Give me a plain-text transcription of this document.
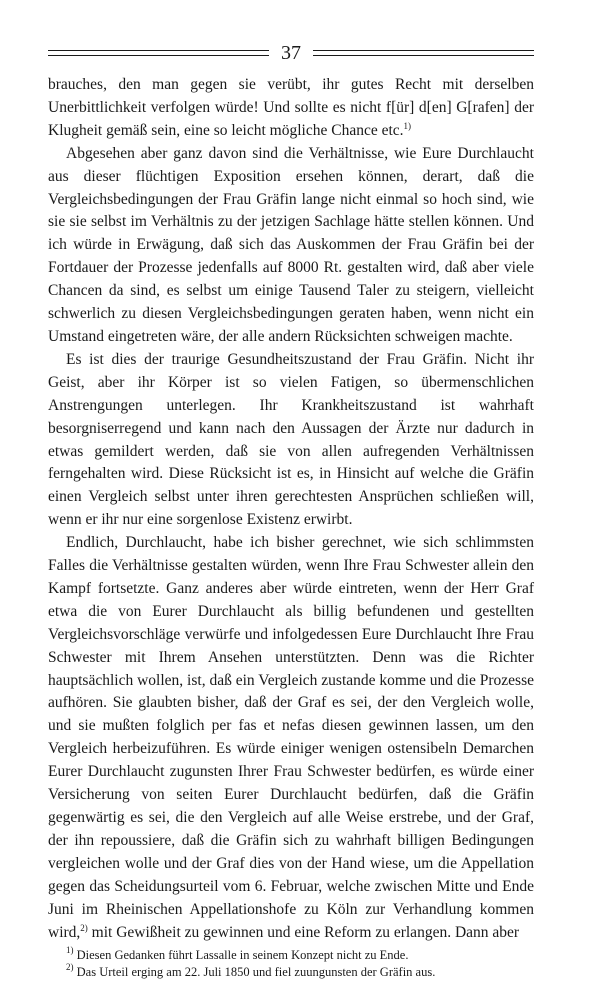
37

brauches, den man gegen sie verübt, ihr gutes Recht mit derselben Unerbittlichkeit verfolgen würde! Und sollte es nicht f[ür] d[en] G[rafen] der Klugheit gemäß sein, eine so leicht mögliche Chance etc.$^{1)}$

Abgesehen aber ganz davon sind die Verhältnisse, wie Eure Durchlaucht aus dieser flüchtigen Exposition ersehen können, derart, daß die Vergleichsbedingungen der Frau Gräfin lange nicht einmal so hoch sind, wie sie sie selbst im Verhältnis zu der jetzigen Sachlage hätte stellen können. Und ich würde in Erwägung, daß sich das Auskommen der Frau Gräfin bei der Fortdauer der Prozesse jedenfalls auf 8000 Rt. gestalten wird, daß aber viele Chancen da sind, es selbst um einige Tausend Taler zu steigern, vielleicht schwerlich zu diesen Vergleichsbedingungen geraten haben, wenn nicht ein Umstand eingetreten wäre, der alle andern Rücksichten schweigen machte.

Es ist dies der traurige Gesundheitszustand der Frau Gräfin. Nicht ihr Geist, aber ihr Körper ist so vielen Fatigen, so übermenschlichen Anstrengungen unterlegen. Ihr Krankheitszustand ist wahrhaft besorgniserregend und kann nach den Aussagen der Ärzte nur dadurch in etwas gemildert werden, daß sie von allen aufregenden Verhältnissen ferngehalten wird. Diese Rücksicht ist es, in Hinsicht auf welche die Gräfin einen Vergleich selbst unter ihren gerechtesten Ansprüchen schließen will, wenn er ihr nur eine sorgenlose Existenz erwirbt.

Endlich, Durchlaucht, habe ich bisher gerechnet, wie sich schlimmsten Falles die Verhältnisse gestalten würden, wenn Ihre Frau Schwester allein den Kampf fortsetzte. Ganz anderes aber würde eintreten, wenn der Herr Graf etwa die von Eurer Durchlaucht als billig befundenen und gestellten Vergleichsvorschläge verwürfe und infolgedessen Eure Durchlaucht Ihre Frau Schwester mit Ihrem Ansehen unterstützten. Denn was die Richter hauptsächlich wollen, ist, daß ein Vergleich zustande komme und die Prozesse aufhören. Sie glaubten bisher, daß der Graf es sei, der den Vergleich wolle, und sie mußten folglich per fas et nefas diesen gewinnen lassen, um den Vergleich herbeizuführen. Es würde einiger wenigen ostensibeln Demarchen Eurer Durchlaucht zugunsten Ihrer Frau Schwester bedürfen, es würde einer Versicherung von seiten Eurer Durchlaucht bedürfen, daß die Gräfin gegenwärtig es sei, die den Vergleich auf alle Weise erstrebe, und der Graf, der ihn repoussiere, daß die Gräfin sich zu wahrhaft billigen Bedingungen vergleichen wolle und der Graf dies von der Hand wiese, um die Appellation gegen das Scheidungsurteil vom 6. Februar, welche zwischen Mitte und Ende Juni im Rheinischen Appellationshofe zu Köln zur Verhandlung kommen wird,$^{2)}$ mit Gewißheit zu gewinnen und eine Reform zu erlangen. Dann aber

$^{1)}$ Diesen Gedanken führt Lassalle in seinem Konzept nicht zu Ende.

$^{2)}$ Das Urteil erging am 22. Juli 1850 und fiel zuungunsten der Gräfin aus.
